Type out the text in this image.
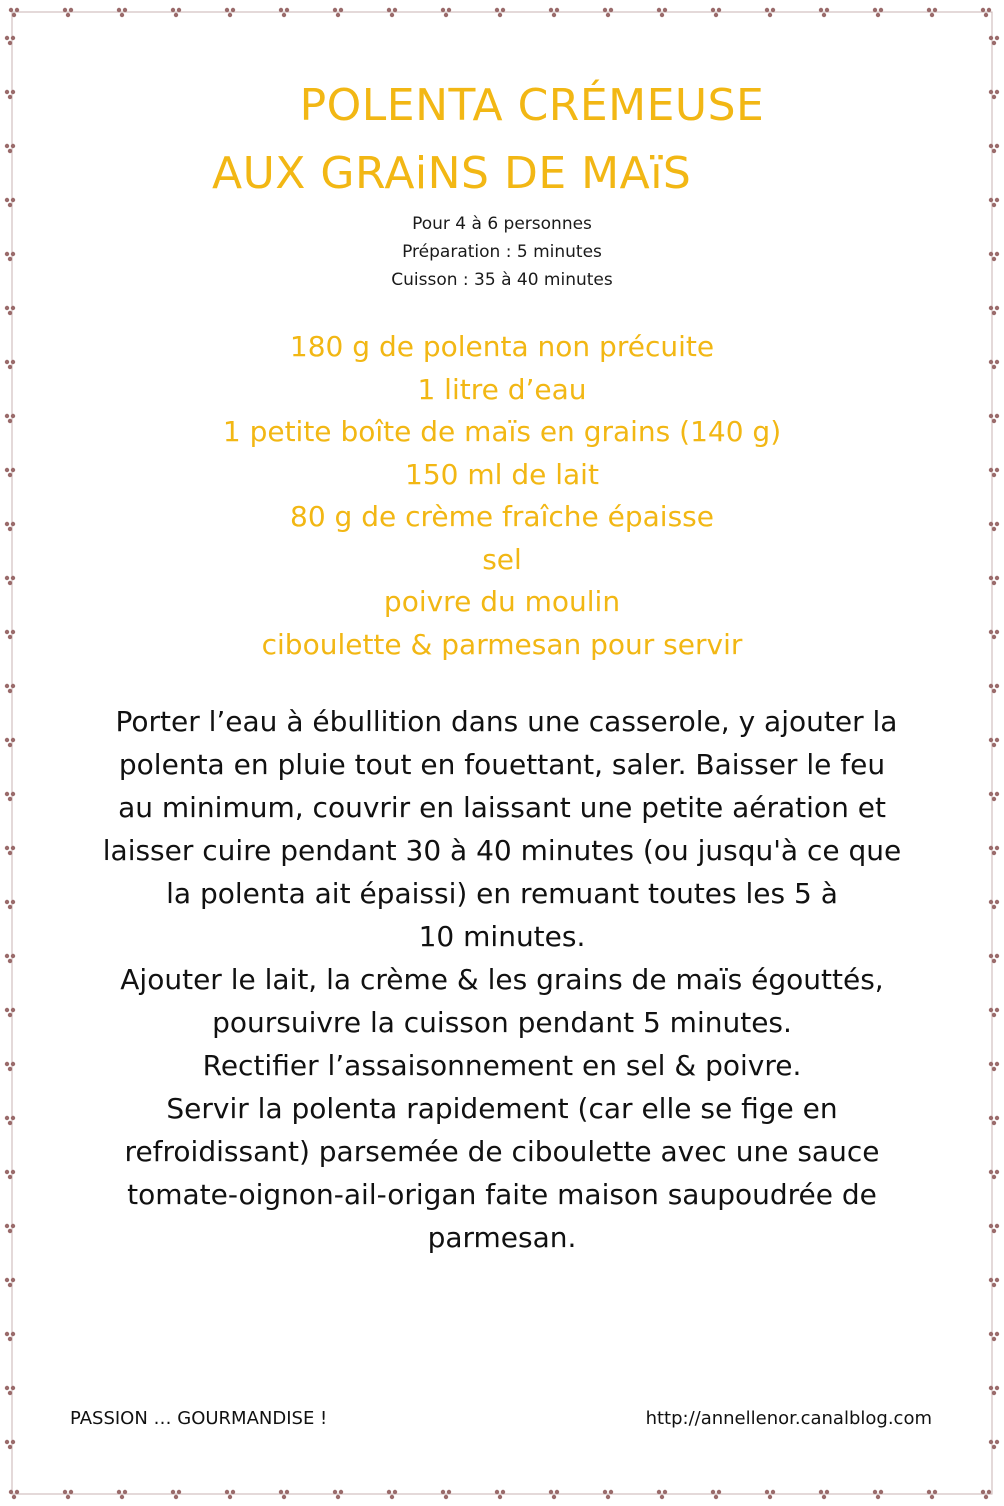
POLENTA CRÉMEUSE
AUX GRAiNS DE MAïS
Pour 4 à 6 personnes
Préparation : 5 minutes
Cuisson : 35 à 40 minutes
180 g de polenta non précuite
1 litre d’eau
1 petite boîte de maïs en grains (140 g)
150 ml de lait
80 g de crème fraîche épaisse
sel
poivre du moulin
ciboulette & parmesan pour servir
Porter l’eau à ébullition dans une casserole, y ajouter la
polenta en pluie tout en fouettant, saler. Baisser le feu
au minimum, couvrir en laissant une petite aération et
laisser cuire pendant 30 à 40 minutes (ou jusqu'à ce que
la polenta ait épaissi) en remuant toutes les 5 à
10 minutes.
Ajouter le lait, la crème & les grains de maïs égouttés,
poursuivre la cuisson pendant 5 minutes.
Rectifier l’assaisonnement en sel & poivre.
Servir la polenta rapidement (car elle se fige en
refroidissant) parsemée de ciboulette avec une sauce
tomate-oignon-ail-origan faite maison saupoudrée de
parmesan.
PASSION … GOURMANDISE !	http://annellenor.canalblog.com
